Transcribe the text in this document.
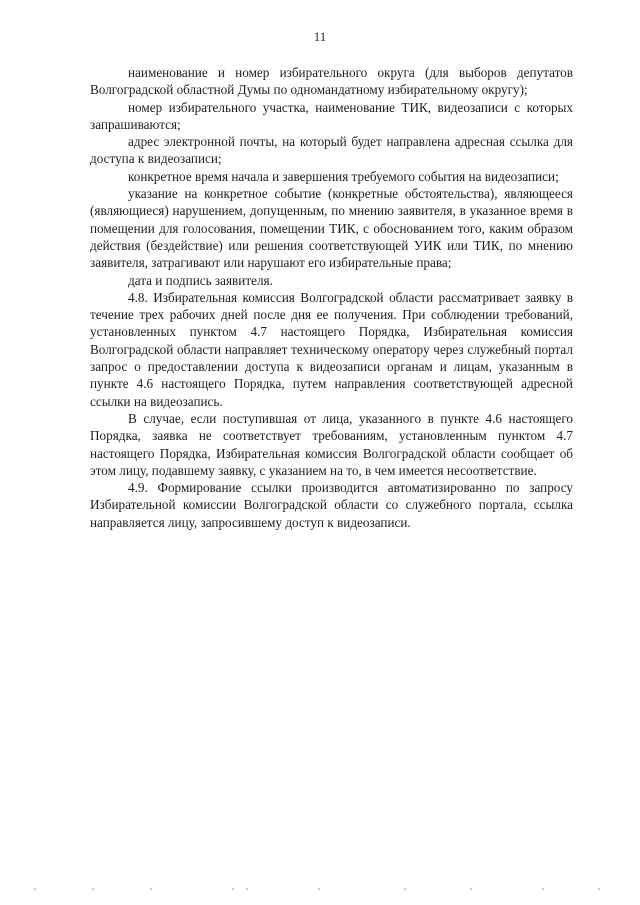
11

наименование и номер избирательного округа (для выборов депутатов Волгоградской областной Думы по одномандатному избирательному округу);

номер избирательного участка, наименование ТИК, видеозаписи с которых запрашиваются;

адрес электронной почты, на который будет направлена адресная ссылка для доступа к видеозаписи;

конкретное время начала и завершения требуемого события на видеозаписи;

указание на конкретное событие (конкретные обстоятельства), являющееся (являющиеся) нарушением, допущенным, по мнению заявителя, в указанное время в помещении для голосования, помещении ТИК, с обоснованием того, каким образом действия (бездействие) или решения соответствующей УИК или ТИК, по мнению заявителя, затрагивают или нарушают его избирательные права;

дата и подпись заявителя.

4.8. Избирательная комиссия Волгоградской области рассматривает заявку в течение трех рабочих дней после дня ее получения. При соблюдении требований, установленных пунктом 4.7 настоящего Порядка, Избирательная комиссия Волгоградской области направляет техническому оператору через служебный портал запрос о предоставлении доступа к видеозаписи органам и лицам, указанным в пункте 4.6 настоящего Порядка, путем направления соответствующей адресной ссылки на видеозапись.

В случае, если поступившая от лица, указанного в пункте 4.6 настоящего Порядка, заявка не соответствует требованиям, установленным пунктом 4.7 настоящего Порядка, Избирательная комиссия Волгоградской области сообщает об этом лицу, подавшему заявку, с указанием на то, в чем имеется несоответствие.

4.9. Формирование ссылки производится автоматизированно по запросу Избирательной комиссии Волгоградской области со служебного портала, ссылка направляется лицу, запросившему доступ к видеозаписи.
